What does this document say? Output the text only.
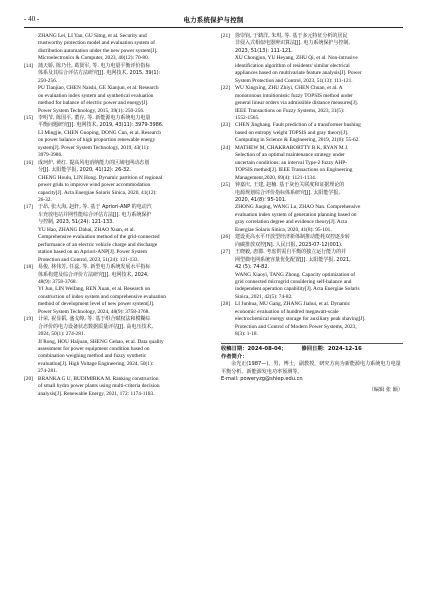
- 40 -	电力系统保护与控制
ZHANG Lei, LI Yan, GU Sitng, et al. Security and
trustworthy protection model and evaluation system of
distribution automation under the new power system[J].
Microelectronics & Computer, 2023, 40(12): 70-80.
[14] 蒲天娇, 陈乃仕, 葛贤军, 等. 电力电量平衡评价指标
体系及其综合评估方法研究[J]. 电网技术, 2015, 39(1):
250-256.
PU Tianjiao, CHEN Naishi, GE Xianjun, et al. Research
on evaluation index system and synthetical evaluation
method for balance of electric power and energy[J].
Power System Technology, 2015, 39(1): 250-256.
[15] 李明节, 陈国平, 董存, 等. 新能源电力系统电力电量
平衡问题研究[J]. 电网技术, 2019, 43(11): 3979-3986.
LI Mingjie, CHEN Guoping, DONG Cun, et al. Research
on power balance of high proportion renewable energy
system[J]. Power System Technology, 2019, 43(11):
3979-3986.
[16] 成珂炉, 黄红. 提高风电消纳能力的区域电网动态划
分[J]. 太阳能学报, 2020, 41(12): 26-32.
CHENG Houlu, LIN Hong. Dynamic partition of regional
power grids to improve wind power accommodation
capacity[J]. Acta Energiae Solaris Sinica, 2020, 41(12):
26-32.
[17] 于昂, 张大海, 赵轩, 等. 基于 Apriori-ANP 的电动汽
车充放电站并网性能综合评估方法[J]. 电力系统保护
与控制, 2023, 51(24): 121-133.
YU Hao, ZHANG Dahai, ZHAO Xuan, et al.
Comprehensive evaluation method of the grid-connected
performance of an electric vehicle charge and discharge
station based on an Apriori-ANP[J]. Power System
Protection and Control, 2023, 51(24): 121-133.
[18] 易俊, 林伟芳, 任蕊, 等. 新型电力系统发展水平指标
体系构建及综合评价方法研究[J]. 电网技术, 2024,
48(9): 3758-3768.
YI Jun, LIN Weifang, REN Xuan, et al. Research on
construction of index system and comprehensive evaluation
method of development level of new power system[J].
Power System Technology, 2024, 48(9): 3758-3768.
[19] 计荣, 祝显韬, 盛戈皞, 等. 基于组合赋权法和模糊综
合评价的电力设备状态数据质量评估[J]. 高电压技术,
2024, 50(1): 274-281.
JI Rong, HOU Haijuan, SHENG Gehao, et al. Data quality
assessment for power equipment condition based on
combination weighing method and fuzzy synthetic
evaluation[J]. High Voltage Engineering, 2024, 50(1):
274-281.
[20] BRANKA G U, BUDIMIRKA M. Ranking construction
of small hydro power plants using multi-criteria decision
analysis[J]. Renewable Energy, 2021, 172: 1174-1183.
[21] 徐崇钧, 于鹤洋, 朱琪, 等. 基于多元特征分析的居民
非侵入式相似电器辨识算法[J]. 电力系统保护与控制,
2023, 51(13): 111-121.
XU Chongjun, YU Heyang, ZHU Qi, et al. Non-intrusive
identification algorithm of residents' similar electrical
appliances based on multivariate feature analysis[J]. Power
System Protection and Control, 2023, 51(13): 111-121.
[22] WU Xingxing, ZHU Zhiyi, CHEN Chuan, et al. A
monotonous intuitionistic fuzzy TOPSIS method under
general linear orders via admissible distance measures[J].
IEEE Transactions on Fuzzy Systems, 2023, 31(5):
1552-1565.
[23] CHEN Jinghang. Fault prediction of a transformer bushing
based on entropy weight TOPSIS and gray theory[J].
Computing in Science & Engineering, 2019, 21(6): 55-62.
[24] MATHEW M, CHAKRABORTTY R K, RYAN M J.
Selection of an optimal maintenance strategy under
uncertain conditions: an interval Type-2 fuzzy AHP-
TOPSIS method[J]. IEEE Transactions on Engineering
Management,2020, 69(4): 1121-1134.
[25] 钟嘉庆, 王建, 赵楠. 基于灰色关联度和证据理论的
电源规划综合评价指标体系研究[J]. 太阳能学报,
2020, 41(8): 95-101.
ZHONG Jiaqing, WANG Lu, ZHAO Nan. Comprehensive
evaluation index system of generation planning based on
gray correlation degree and evidence theory[J]. Acta
Energiae Solaris Sinica, 2020, 41(8): 95-101.
[26] 建设更高水平开放型经济新体制推动能耗双控逐步转
向碳排放双控[N]. 人民日报, 2023-07-12(001).
[27] 王晓毅, 唐郡. 考虑供需自平衡的独立运行能力的并
网型微电网系统容量优化配置[J]. 太阳能学报, 2021,
42 (5): 74-82.
WANG Xiaoyi, TANG Zhong. Capacity optimization of
grid connected microgrid considering self-balance and
independent operation capability[J]. Acta Energiae Solaris
Sinica, 2021, 42(5): 74-82.
[28] LI Junhua, MU Gang, ZHANG Jiahui, et al. Dynamic
economic evaluation of hundred megawatt-scale
electrochemical energy storage for auxiliary peak shaving[J].
Protection and Control of Modern Power Systems, 2023,
8(3): 1-18.
收稿日期：2024-08-04；	修回日期：2024-12-16
作者简介：
余光正(1987—)，男，博士，副教授，研究方向为新能源电力系统电力电量平衡分析、新能源发电功率预测等。
E-mail: poweryzg@shiep.edu.cn
（编辑 张 颖）
